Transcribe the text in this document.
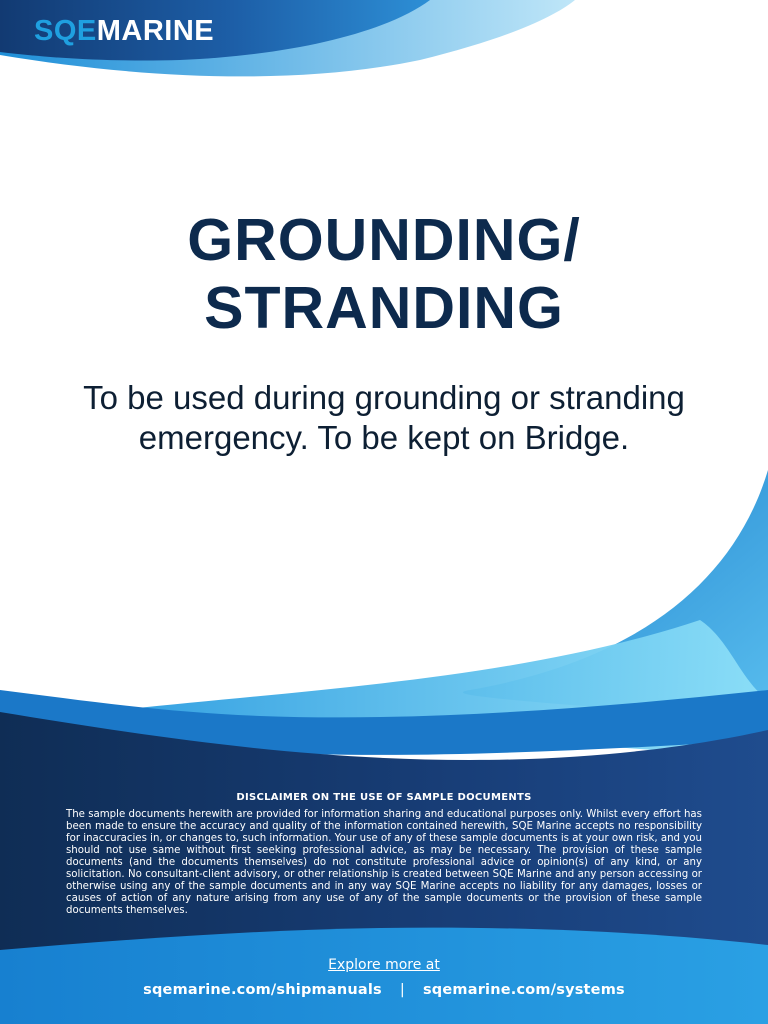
SQEMARINE
GROUNDING/
STRANDING
To be used during grounding or stranding emergency. To be kept on Bridge.
DISCLAIMER ON THE USE OF SAMPLE DOCUMENTS
The sample documents herewith are provided for information sharing and educational purposes only. Whilst every effort has been made to ensure the accuracy and quality of the information contained herewith, SQE Marine accepts no responsibility for inaccuracies in, or changes to, such information. Your use of any of these sample documents is at your own risk, and you should not use same without first seeking professional advice, as may be necessary. The provision of these sample documents (and the documents themselves) do not constitute professional advice or opinion(s) of any kind, or any solicitation. No consultant-client advisory, or other relationship is created between SQE Marine and any person accessing or otherwise using any of the sample documents and in any way SQE Marine accepts no liability for any damages, losses or causes of action of any nature arising from any use of any of the sample documents or the provision of these sample documents themselves.
Explore more at
sqemarine.com/shipmanuals | sqemarine.com/systems
